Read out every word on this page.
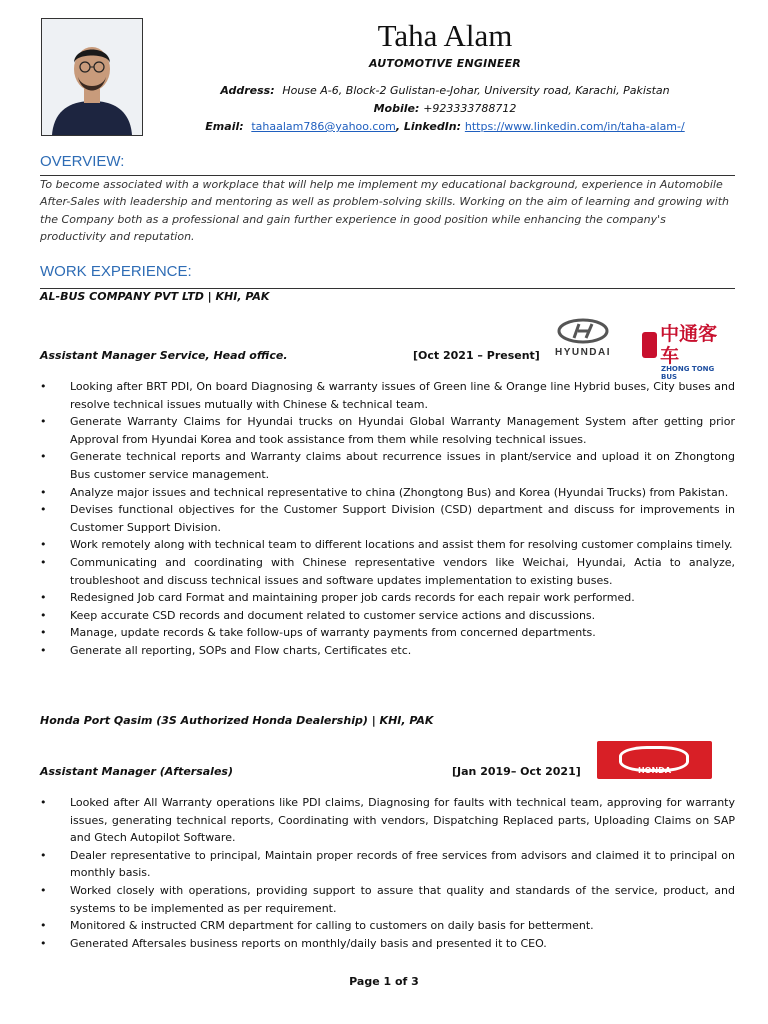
Taha Alam
AUTOMOTIVE ENGINEER
Address: House A-6, Block-2 Gulistan-e-Johar, University road, Karachi, Pakistan
Mobile: +923333788712
Email: tahaalam786@yahoo.com, LinkedIn: https://www.linkedin.com/in/taha-alam-/
OVERVIEW:
To become associated with a workplace that will help me implement my educational background, experience in Automobile After-Sales with leadership and mentoring as well as problem-solving skills. Working on the aim of learning and growing with the Company both as a professional and gain further experience in good position while enhancing the company's productivity and reputation.
WORK EXPERIENCE:
AL-BUS COMPANY PVT LTD | KHI, PAK
HYUNDAI
中通客车
ZHONG TONG BUS
Assistant Manager Service, Head office.	[Oct 2021 – Present]
• Looking after BRT PDI, On board Diagnosing & warranty issues of Green line & Orange line Hybrid buses, City buses and resolve technical issues mutually with Chinese & technical team.
• Generate Warranty Claims for Hyundai trucks on Hyundai Global Warranty Management System after getting prior Approval from Hyundai Korea and took assistance from them while resolving technical issues.
• Generate technical reports and Warranty claims about recurrence issues in plant/service and upload it on Zhongtong Bus customer service management.
• Analyze major issues and technical representative to china (Zhongtong Bus) and Korea (Hyundai Trucks) from Pakistan.
• Devises functional objectives for the Customer Support Division (CSD) department and discuss for improvements in Customer Support Division.
• Work remotely along with technical team to different locations and assist them for resolving customer complains timely.
• Communicating and coordinating with Chinese representative vendors like Weichai, Hyundai, Actia to analyze, troubleshoot and discuss technical issues and software updates implementation to existing buses.
• Redesigned Job card Format and maintaining proper job cards records for each repair work performed.
• Keep accurate CSD records and document related to customer service actions and discussions.
• Manage, update records & take follow-ups of warranty payments from concerned departments.
• Generate all reporting, SOPs and Flow charts, Certificates etc.
Honda Port Qasim (3S Authorized Honda Dealership) | KHI, PAK
HONDA
Assistant Manager (Aftersales)	[Jan 2019– Oct 2021]
• Looked after All Warranty operations like PDI claims, Diagnosing for faults with technical team, approving for warranty issues, generating technical reports, Coordinating with vendors, Dispatching Replaced parts, Uploading Claims on SAP and Gtech Autopilot Software.
• Dealer representative to principal, Maintain proper records of free services from advisors and claimed it to principal on monthly basis.
• Worked closely with operations, providing support to assure that quality and standards of the service, product, and systems to be implemented as per requirement.
• Monitored & instructed CRM department for calling to customers on daily basis for betterment.
• Generated Aftersales business reports on monthly/daily basis and presented it to CEO.
Page 1 of 3
